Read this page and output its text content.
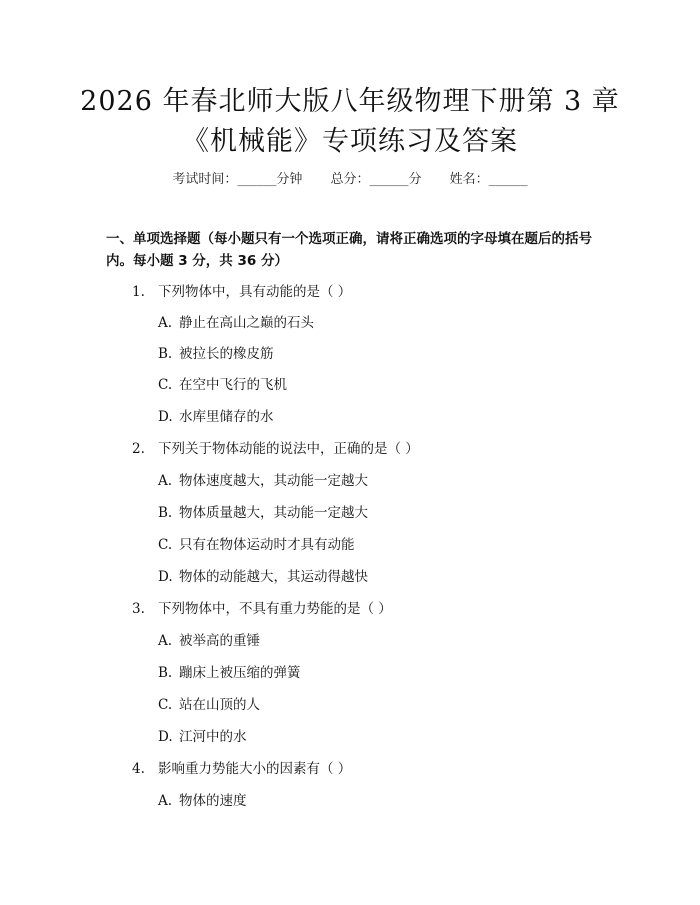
2026 年春北师大版八年级物理下册第 3 章
《机械能》专项练习及答案
考试时间：______分钟 总分：______分 姓名：______
一、单项选择题（每小题只有一个选项正确，请将正确选项的字母填在题后的括号内。每小题 3 分，共 36 分）
1. 下列物体中，具有动能的是（ ）
A. 静止在高山之巅的石头
B. 被拉长的橡皮筋
C. 在空中飞行的飞机
D. 水库里储存的水
2. 下列关于物体动能的说法中，正确的是（ ）
A. 物体速度越大，其动能一定越大
B. 物体质量越大，其动能一定越大
C. 只有在物体运动时才具有动能
D. 物体的动能越大，其运动得越快
3. 下列物体中，不具有重力势能的是（ ）
A. 被举高的重锤
B. 蹦床上被压缩的弹簧
C. 站在山顶的人
D. 江河中的水
4. 影响重力势能大小的因素有（ ）
A. 物体的速度
